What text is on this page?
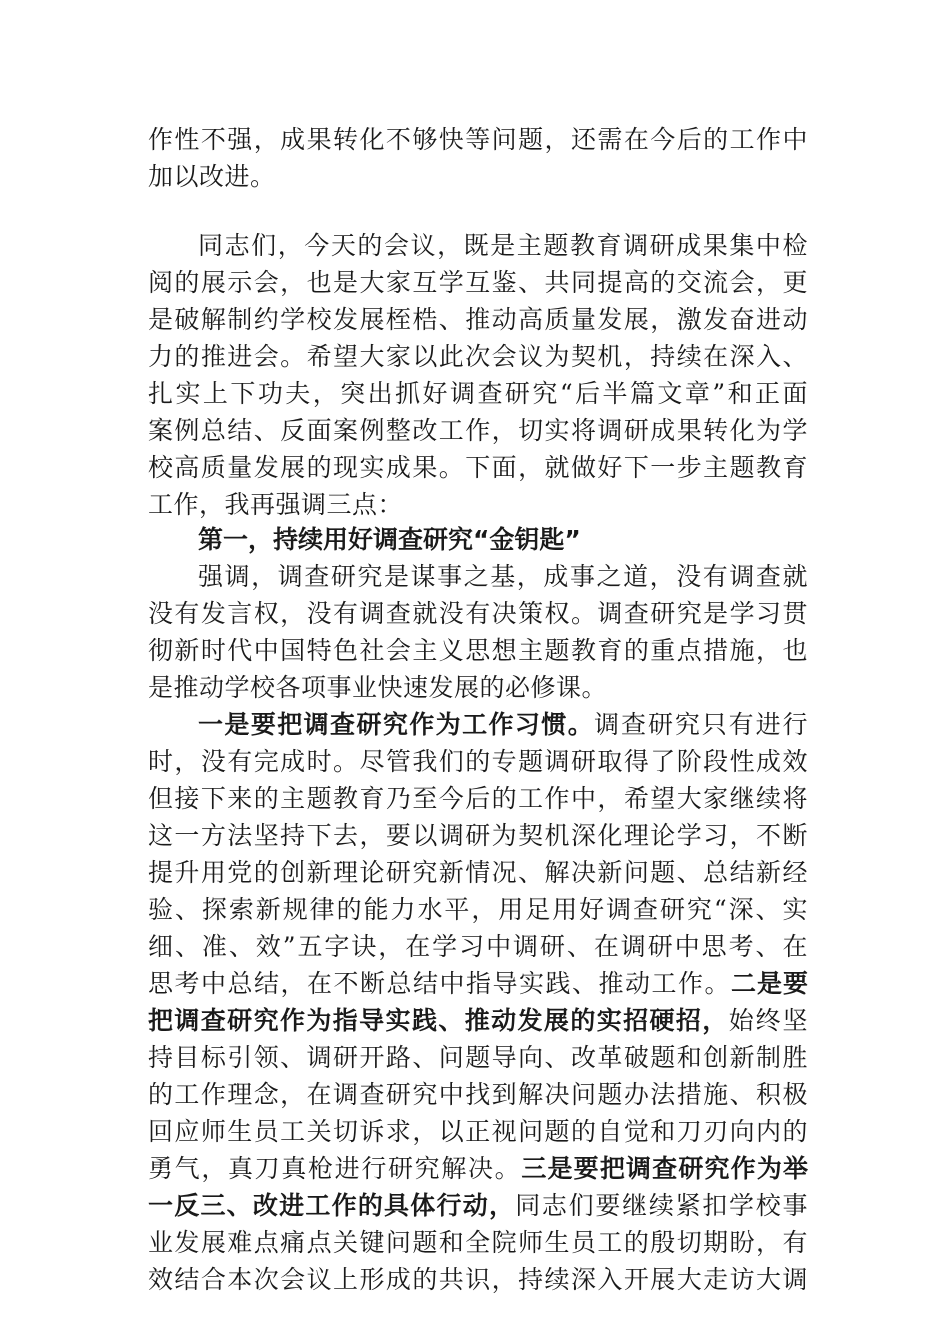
作性不强，成果转化不够快等问题，还需在今后的工作中
加以改进。
同志们，今天的会议，既是主题教育调研成果集中检
阅的展示会，也是大家互学互鉴、共同提高的交流会，更
是破解制约学校发展桎梏、推动高质量发展，激发奋进动
力的推进会。希望大家以此次会议为契机，持续在深入、
扎实上下功夫，突出抓好调查研究“后半篇文章”和正面
案例总结、反面案例整改工作，切实将调研成果转化为学
校高质量发展的现实成果。下面，就做好下一步主题教育
工作，我再强调三点：
第一，持续用好调查研究“金钥匙”
强调，调查研究是谋事之基，成事之道，没有调查就
没有发言权，没有调查就没有决策权。调查研究是学习贯
彻新时代中国特色社会主义思想主题教育的重点措施，也
是推动学校各项事业快速发展的必修课。
一是要把调查研究作为工作习惯。调查研究只有进行
时，没有完成时。尽管我们的专题调研取得了阶段性成效
但接下来的主题教育乃至今后的工作中，希望大家继续将
这一方法坚持下去，要以调研为契机深化理论学习，不断
提升用党的创新理论研究新情况、解决新问题、总结新经
验、探索新规律的能力水平，用足用好调查研究“深、实
细、准、效”五字诀，在学习中调研、在调研中思考、在
思考中总结，在不断总结中指导实践、推动工作。二是要
把调查研究作为指导实践、推动发展的实招硬招，始终坚
持目标引领、调研开路、问题导向、改革破题和创新制胜
的工作理念，在调查研究中找到解决问题办法措施、积极
回应师生员工关切诉求，以正视问题的自觉和刀刃向内的
勇气，真刀真枪进行研究解决。三是要把调查研究作为举
一反三、改进工作的具体行动，同志们要继续紧扣学校事
业发展难点痛点关键问题和全院师生员工的殷切期盼，有
效结合本次会议上形成的共识，持续深入开展大走访大调
